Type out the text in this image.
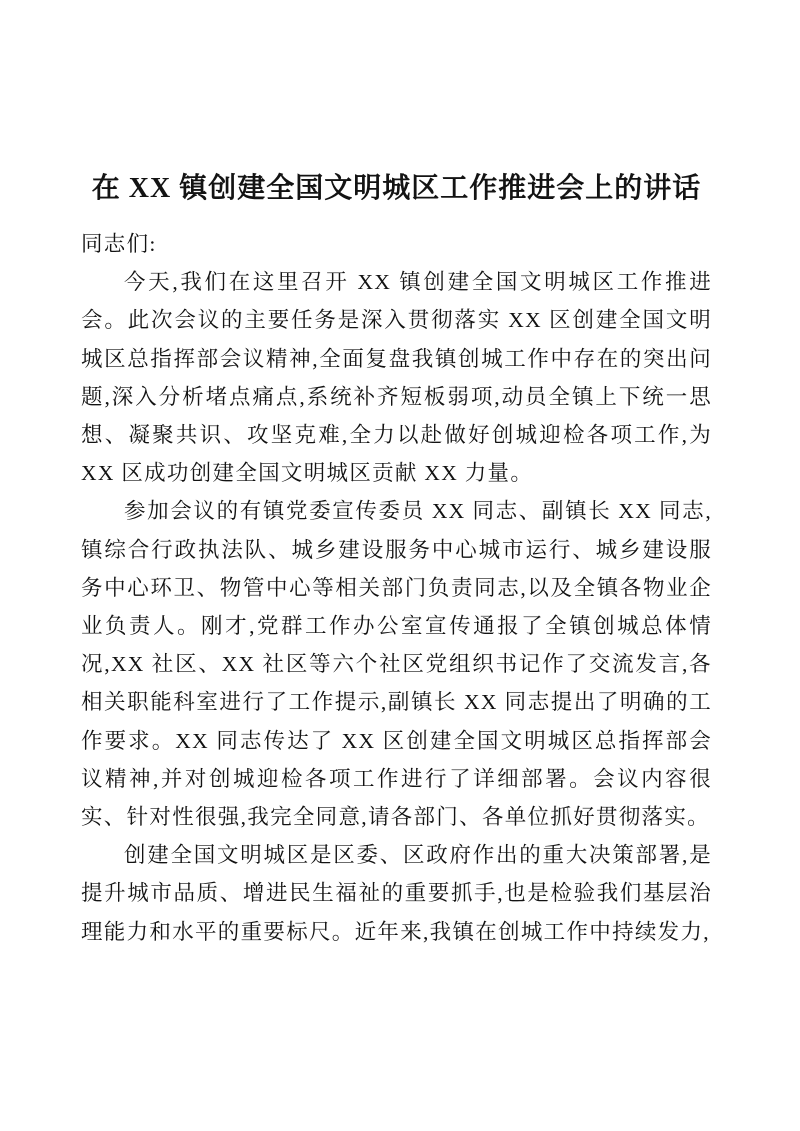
在 XX 镇创建全国文明城区工作推进会上的讲话

同志们:

今天,我们在这里召开 XX 镇创建全国文明城区工作推进会。此次会议的主要任务是深入贯彻落实 XX 区创建全国文明城区总指挥部会议精神,全面复盘我镇创城工作中存在的突出问题,深入分析堵点痛点,系统补齐短板弱项,动员全镇上下统一思想、凝聚共识、攻坚克难,全力以赴做好创城迎检各项工作,为 XX 区成功创建全国文明城区贡献 XX 力量。

参加会议的有镇党委宣传委员 XX 同志、副镇长 XX 同志,镇综合行政执法队、城乡建设服务中心城市运行、城乡建设服务中心环卫、物管中心等相关部门负责同志,以及全镇各物业企业负责人。刚才,党群工作办公室宣传通报了全镇创城总体情况,XX 社区、XX 社区等六个社区党组织书记作了交流发言,各相关职能科室进行了工作提示,副镇长 XX 同志提出了明确的工作要求。XX 同志传达了 XX 区创建全国文明城区总指挥部会议精神,并对创城迎检各项工作进行了详细部署。会议内容很实、针对性很强,我完全同意,请各部门、各单位抓好贯彻落实。

创建全国文明城区是区委、区政府作出的重大决策部署,是提升城市品质、增进民生福祉的重要抓手,也是检验我们基层治理能力和水平的重要标尺。近年来,我镇在创城工作中持续发力,
